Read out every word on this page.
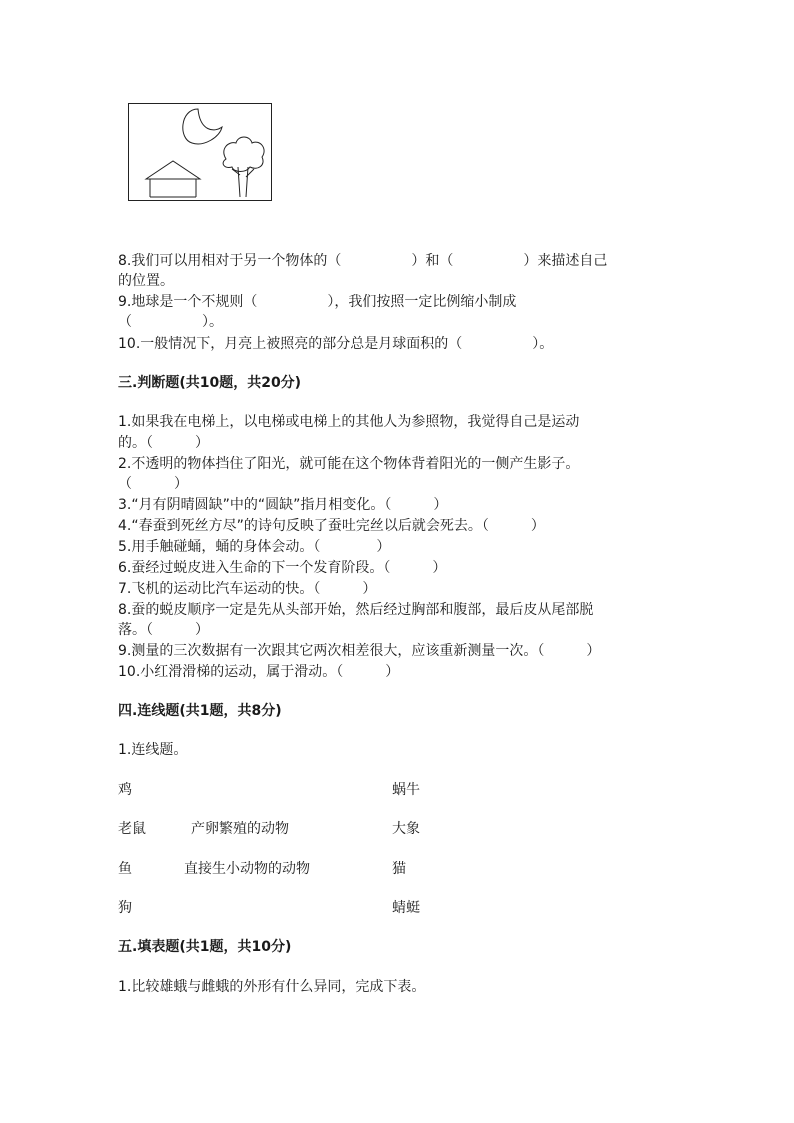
8.我们可以用相对于另一个物体的（　　　　　）和（　　　　　）来描述自己
的位置。
9.地球是一个不规则（　　　　　），我们按照一定比例缩小制成
（　　　　　）。
10.一般情况下，月亮上被照亮的部分总是月球面积的（　　　　　）。
三.判断题(共10题，共20分)
1.如果我在电梯上，以电梯或电梯上的其他人为参照物，我觉得自己是运动
的。（　　　）
2.不透明的物体挡住了阳光，就可能在这个物体背着阳光的一侧产生影子。
（　　　）
3.“月有阴晴圆缺”中的“圆缺”指月相变化。（　　　）
4.“春蚕到死丝方尽”的诗句反映了蚕吐完丝以后就会死去。（　　　）
5.用手触碰蛹，蛹的身体会动。（　　　　）
6.蚕经过蜕皮进入生命的下一个发育阶段。（　　　）
7.飞机的运动比汽车运动的快。（　　　）
8.蚕的蜕皮顺序一定是先从头部开始，然后经过胸部和腹部，最后皮从尾部脱
落。（　　　）
9.测量的三次数据有一次跟其它两次相差很大，应该重新测量一次。（　　　）
10.小红滑滑梯的运动，属于滑动。（　　　）
四.连线题(共1题，共8分)
1.连线题。
鸡
老鼠
鱼
狗
产卵繁殖的动物
直接生小动物的动物
蜗牛
大象
猫
蜻蜓
五.填表题(共1题，共10分)
1.比较雄蛾与雌蛾的外形有什么异同，完成下表。
